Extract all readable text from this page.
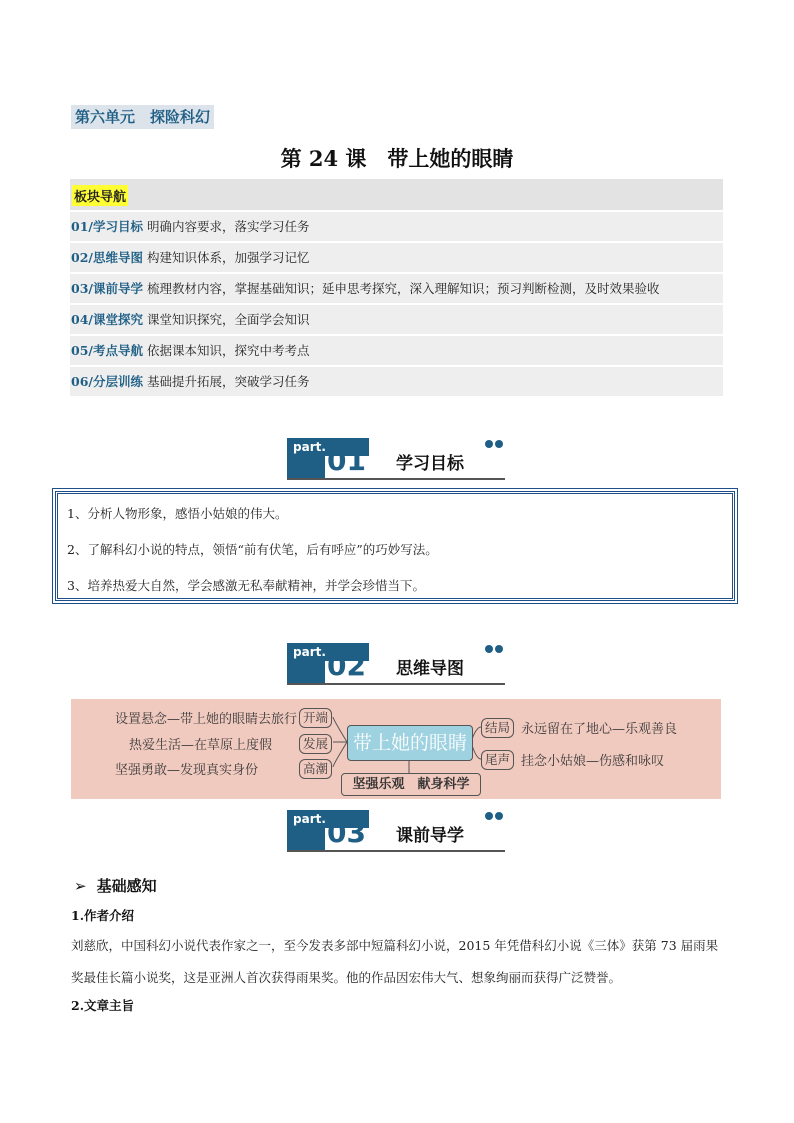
第六单元　探险科幻
第 24 课　带上她的眼睛
板块导航
01/学习目标 明确内容要求，落实学习任务
02/思维导图 构建知识体系，加强学习记忆
03/课前导学 梳理教材内容，掌握基础知识；延申思考探究，深入理解知识；预习判断检测，及时效果验收
04/课堂探究 课堂知识探究，全面学会知识
05/考点导航 依据课本知识，探究中考考点
06/分层训练 基础提升拓展，突破学习任务
part. 01 学习目标

1、分析人物形象，感悟小姑娘的伟大。

2、了解科幻小说的特点，领悟“前有伏笔，后有呼应”的巧妙写法。

3、培养热爱大自然，学会感激无私奉献精神，并学会珍惜当下。

part. 02 思维导图
设置悬念—带上她的眼睛去旅行 开端
热爱生活—在草原上度假	发展
坚强勇敢—发现真实身份	高潮
带上她的眼睛
结局 永远留在了地心—乐观善良
尾声 挂念小姑娘—伤感和咏叹
坚强乐观　献身科学
part. 03 课前导学
➢ 基础感知
1.作者介绍
刘慈欣，中国科幻小说代表作家之一，至今发表多部中短篇科幻小说，2015 年凭借科幻小说《三体》获第 73 届雨果奖最佳长篇小说奖，这是亚洲人首次获得雨果奖。他的作品因宏伟大气、想象绚丽而获得广泛赞誉。
2.文章主旨
